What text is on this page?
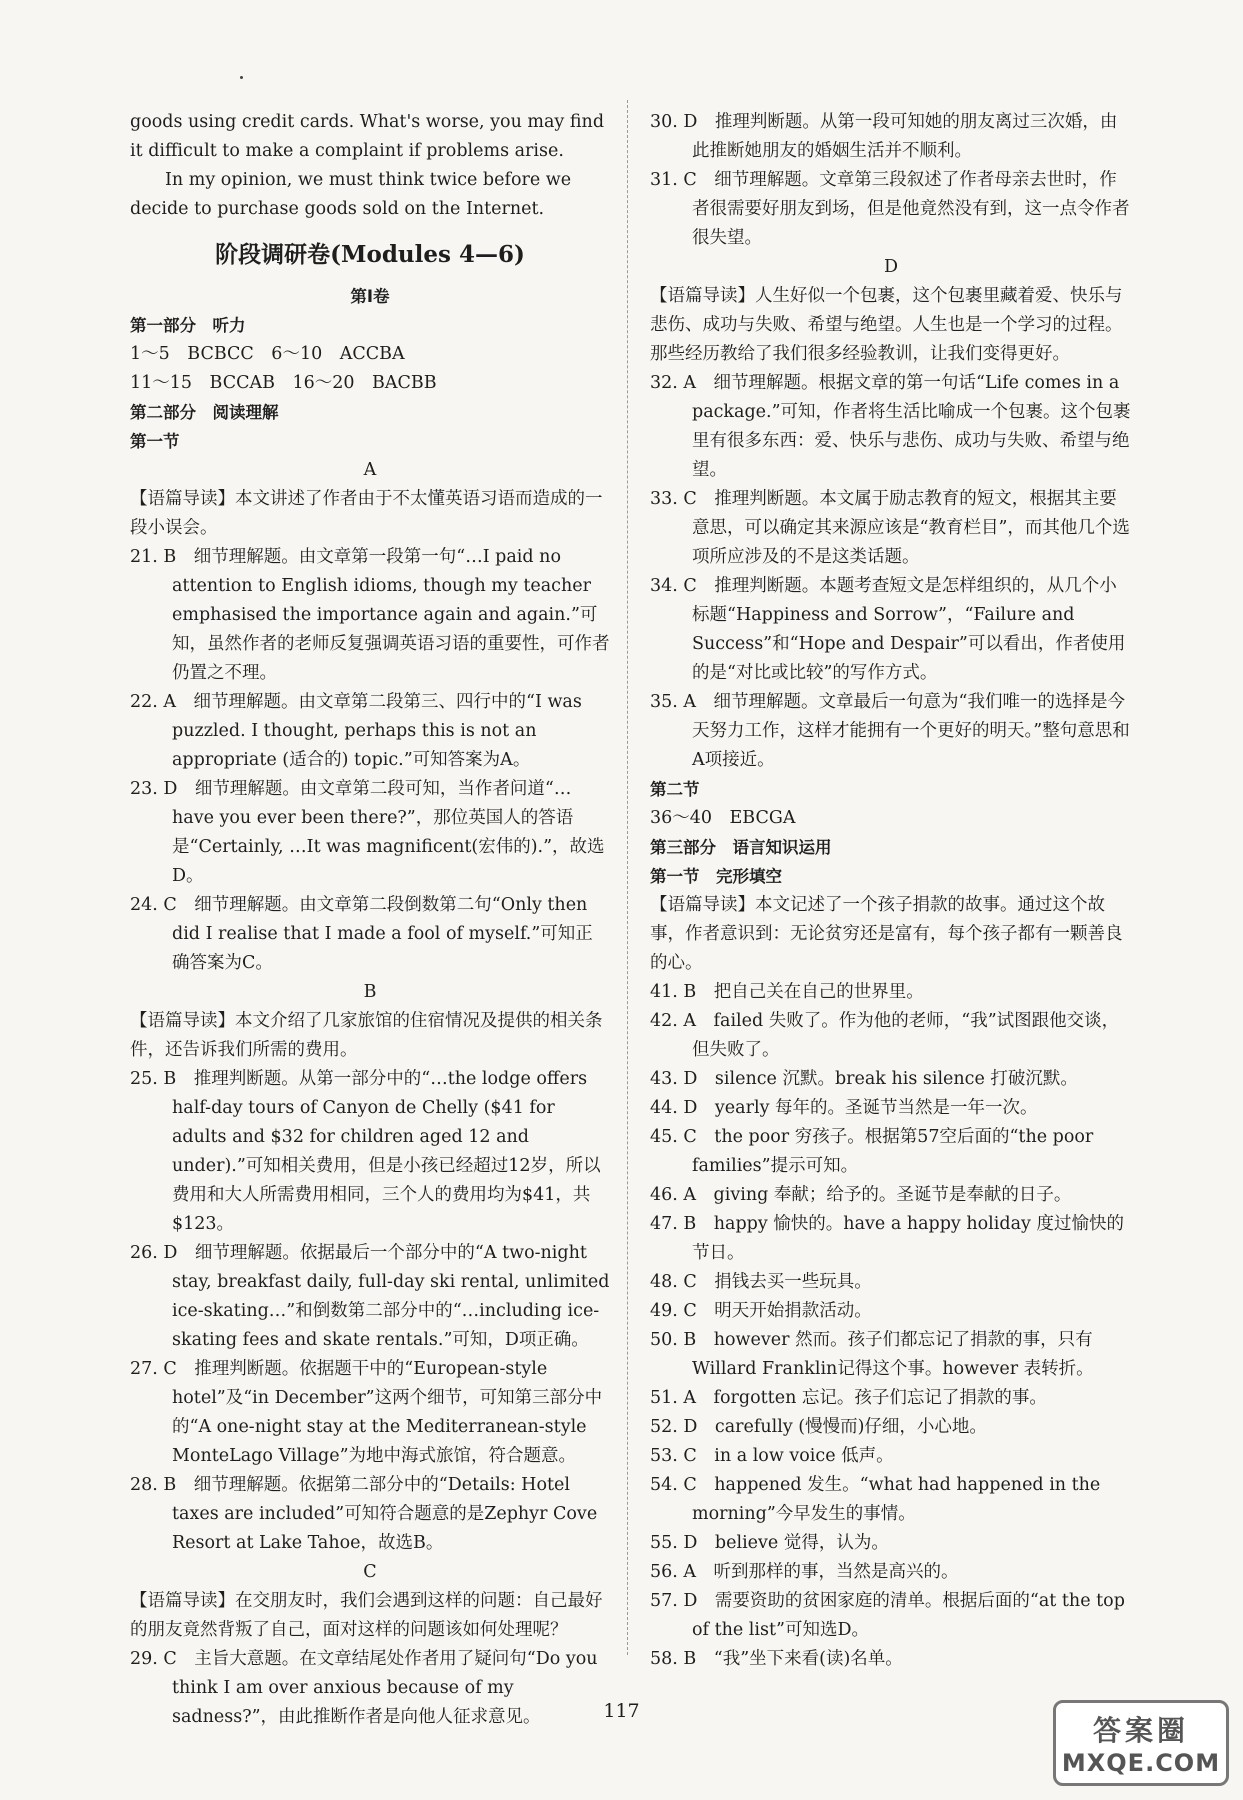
goods using credit cards. What's worse, you may find it difficult to make a complaint if problems arise.

In my opinion, we must think twice before we decide to purchase goods sold on the Internet.

阶段调研卷(Modules 4—6)

第Ⅰ卷

第一部分　听力

1～5　BCBCC　6～10　ACCBA

11～15　BCCAB　16～20　BACBB

第二部分　阅读理解

第一节

A

【语篇导读】本文讲述了作者由于不太懂英语习语而造成的一段小误会。

21. B　细节理解题。由文章第一段第一句“…I paid no attention to English idioms, though my teacher emphasised the importance again and again.”可知，虽然作者的老师反复强调英语习语的重要性，可作者仍置之不理。

22. A　细节理解题。由文章第二段第三、四行中的“I was puzzled. I thought, perhaps this is not an appropriate (适合的) topic.”可知答案为A。

23. D　细节理解题。由文章第二段可知，当作者问道“…have you ever been there?”，那位英国人的答语是“Certainly, …It was magnificent(宏伟的).”，故选D。

24. C　细节理解题。由文章第二段倒数第二句“Only then did I realise that I made a fool of myself.”可知正确答案为C。

B

【语篇导读】本文介绍了几家旅馆的住宿情况及提供的相关条件，还告诉我们所需的费用。

25. B　推理判断题。从第一部分中的“…the lodge offers half-day tours of Canyon de Chelly ($41 for adults and $32 for children aged 12 and under).”可知相关费用，但是小孩已经超过12岁，所以费用和大人所需费用相同，三个人的费用均为$41，共$123。

26. D　细节理解题。依据最后一个部分中的“A two-night stay, breakfast daily, full-day ski rental, unlimited ice-skating…”和倒数第二部分中的“…including ice-skating fees and skate rentals.”可知，D项正确。

27. C　推理判断题。依据题干中的“European-style hotel”及“in December”这两个细节，可知第三部分中的“A one-night stay at the Mediterranean-style MonteLago Village”为地中海式旅馆，符合题意。

28. B　细节理解题。依据第二部分中的“Details: Hotel taxes are included”可知符合题意的是Zephyr Cove Resort at Lake Tahoe，故选B。

C

【语篇导读】在交朋友时，我们会遇到这样的问题：自己最好的朋友竟然背叛了自己，面对这样的问题该如何处理呢？

29. C　主旨大意题。在文章结尾处作者用了疑问句“Do you think I am over anxious because of my sadness?”，由此推断作者是向他人征求意见。

30. D　推理判断题。从第一段可知她的朋友离过三次婚，由此推断她朋友的婚姻生活并不顺利。

31. C　细节理解题。文章第三段叙述了作者母亲去世时，作者很需要好朋友到场，但是他竟然没有到，这一点令作者很失望。

D

【语篇导读】人生好似一个包裹，这个包裹里藏着爱、快乐与悲伤、成功与失败、希望与绝望。人生也是一个学习的过程。那些经历教给了我们很多经验教训，让我们变得更好。

32. A　细节理解题。根据文章的第一句话“Life comes in a package.”可知，作者将生活比喻成一个包裹。这个包裹里有很多东西：爱、快乐与悲伤、成功与失败、希望与绝望。

33. C　推理判断题。本文属于励志教育的短文，根据其主要意思，可以确定其来源应该是“教育栏目”，而其他几个选项所应涉及的不是这类话题。

34. C　推理判断题。本题考查短文是怎样组织的，从几个小标题“Happiness and Sorrow”，“Failure and Success”和“Hope and Despair”可以看出，作者使用的是“对比或比较”的写作方式。

35. A　细节理解题。文章最后一句意为“我们唯一的选择是今天努力工作，这样才能拥有一个更好的明天。”整句意思和A项接近。

第二节

36～40　EBCGA

第三部分　语言知识运用

第一节　完形填空

【语篇导读】本文记述了一个孩子捐款的故事。通过这个故事，作者意识到：无论贫穷还是富有，每个孩子都有一颗善良的心。

41. B　把自己关在自己的世界里。

42. A　failed 失败了。作为他的老师，“我”试图跟他交谈，但失败了。

43. D　silence 沉默。break his silence 打破沉默。

44. D　yearly 每年的。圣诞节当然是一年一次。

45. C　the poor 穷孩子。根据第57空后面的“the poor families”提示可知。

46. A　giving 奉献；给予的。圣诞节是奉献的日子。

47. B　happy 愉快的。have a happy holiday 度过愉快的节日。

48. C　捐钱去买一些玩具。

49. C　明天开始捐款活动。

50. B　however 然而。孩子们都忘记了捐款的事，只有Willard Franklin记得这个事。however 表转折。

51. A　forgotten 忘记。孩子们忘记了捐款的事。

52. D　carefully (慢慢而)仔细，小心地。

53. C　in a low voice 低声。

54. C　happened 发生。“what had happened in the morning”今早发生的事情。

55. D　believe 觉得，认为。

56. A　听到那样的事，当然是高兴的。

57. D　需要资助的贫困家庭的清单。根据后面的“at the top of the list”可知选D。

58. B　“我”坐下来看(读)名单。

117
答案圈
MXQE.COM
